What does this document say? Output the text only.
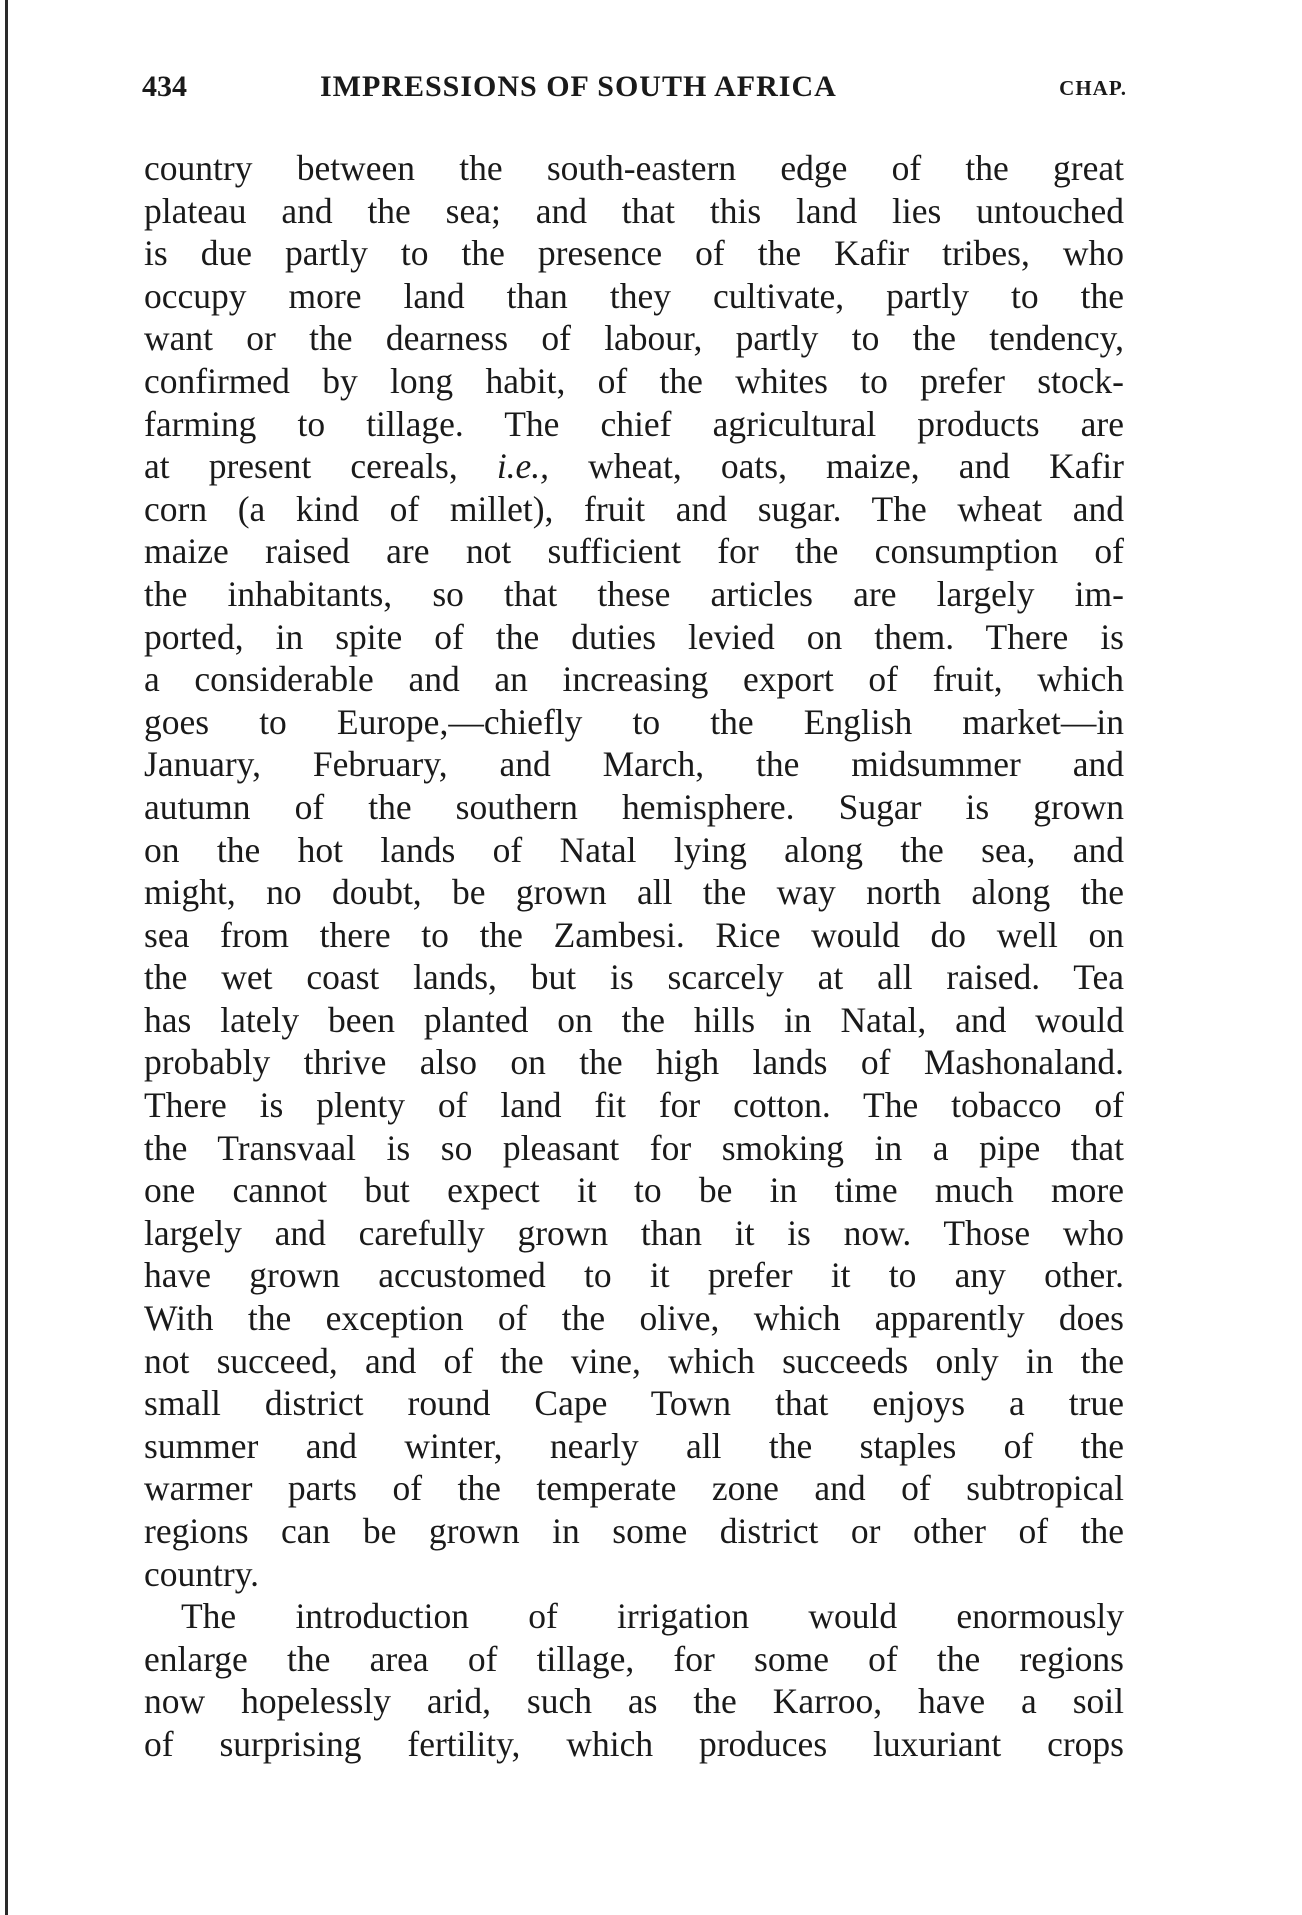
434	IMPRESSIONS OF SOUTH AFRICA	CHAP.
country between the south-eastern edge of the great
plateau and the sea; and that this land lies untouched
is due partly to the presence of the Kafir tribes, who
occupy more land than they cultivate, partly to the
want or the dearness of labour, partly to the tendency,
confirmed by long habit, of the whites to prefer stock-
farming to tillage. The chief agricultural products are
at present cereals, i.e., wheat, oats, maize, and Kafir
corn (a kind of millet), fruit and sugar. The wheat and
maize raised are not sufficient for the consumption of
the inhabitants, so that these articles are largely im-
ported, in spite of the duties levied on them. There is
a considerable and an increasing export of fruit, which
goes to Europe,—chiefly to the English market—in
January, February, and March, the midsummer and
autumn of the southern hemisphere. Sugar is grown
on the hot lands of Natal lying along the sea, and
might, no doubt, be grown all the way north along the
sea from there to the Zambesi. Rice would do well on
the wet coast lands, but is scarcely at all raised. Tea
has lately been planted on the hills in Natal, and would
probably thrive also on the high lands of Mashonaland.
There is plenty of land fit for cotton. The tobacco of
the Transvaal is so pleasant for smoking in a pipe that
one cannot but expect it to be in time much more
largely and carefully grown than it is now. Those who
have grown accustomed to it prefer it to any other.
With the exception of the olive, which apparently does
not succeed, and of the vine, which succeeds only in the
small district round Cape Town that enjoys a true
summer and winter, nearly all the staples of the
warmer parts of the temperate zone and of subtropical
regions can be grown in some district or other of the
country.
The introduction of irrigation would enormously
enlarge the area of tillage, for some of the regions
now hopelessly arid, such as the Karroo, have a soil
of surprising fertility, which produces luxuriant crops
